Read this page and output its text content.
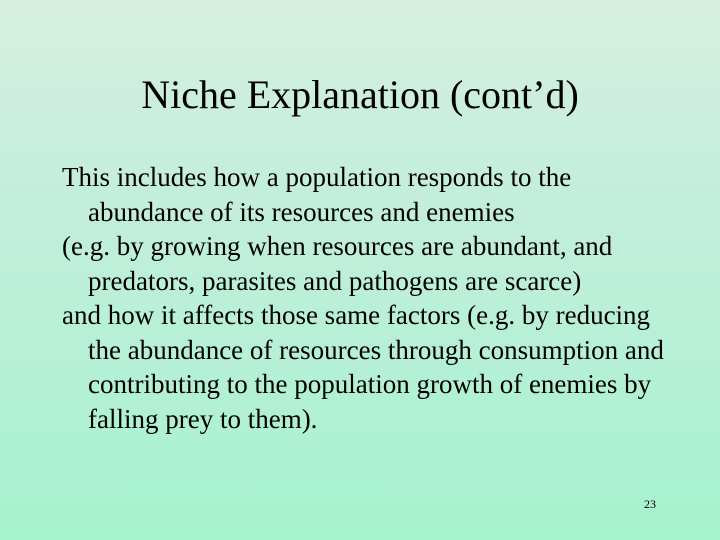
Niche Explanation (cont’d)

This includes how a population responds to the abundance of its resources and enemies

(e.g. by growing when resources are abundant, and predators, parasites and pathogens are scarce)

and how it affects those same factors (e.g. by reducing the abundance of resources through consumption and contributing to the population growth of enemies by falling prey to them).

23
